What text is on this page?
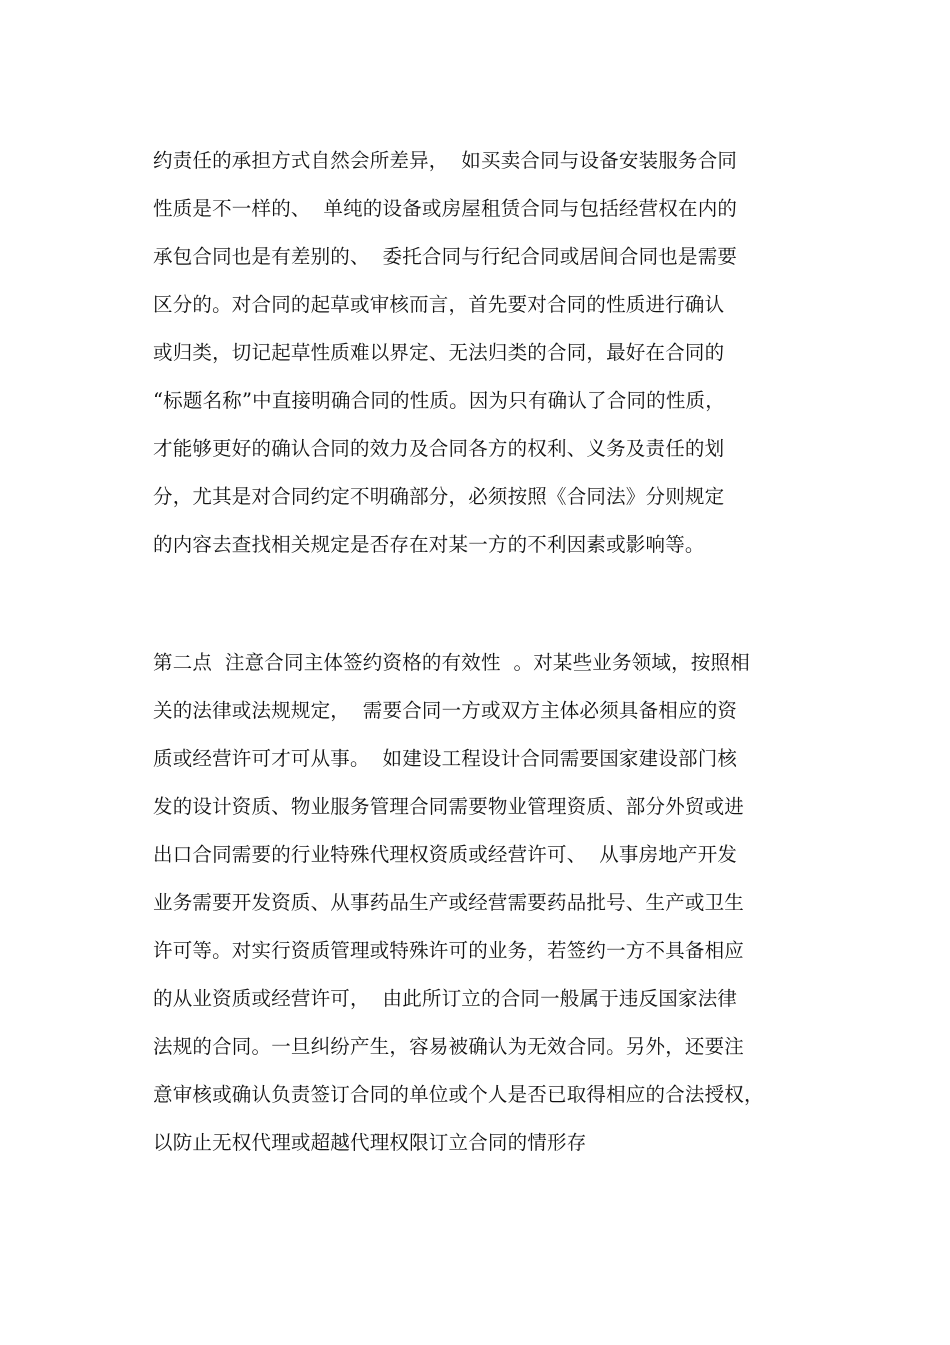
约责任的承担方式自然会所差异，  如买卖合同与设备安装服务合同
性质是不一样的、  单纯的设备或房屋租赁合同与包括经营权在内的
承包合同也是有差别的、  委托合同与行纪合同或居间合同也是需要
区分的。对合同的起草或审核而言，首先要对合同的性质进行确认
或归类，切记起草性质难以界定、无法归类的合同，最好在合同的
“标题名称”中直接明确合同的性质。因为只有确认了合同的性质，
才能够更好的确认合同的效力及合同各方的权利、义务及责任的划
分，尤其是对合同约定不明确部分，必须按照《合同法》分则规定
的内容去查找相关规定是否存在对某一方的不利因素或影响等。
第二点  注意合同主体签约资格的有效性  。对某些业务领域，按照相
关的法律或法规规定，  需要合同一方或双方主体必须具备相应的资
质或经营许可才可从事。  如建设工程设计合同需要国家建设部门核
发的设计资质、物业服务管理合同需要物业管理资质、部分外贸或进
出口合同需要的行业特殊代理权资质或经营许可、  从事房地产开发
业务需要开发资质、从事药品生产或经营需要药品批号、生产或卫生
许可等。对实行资质管理或特殊许可的业务，若签约一方不具备相应
的从业资质或经营许可，  由此所订立的合同一般属于违反国家法律
法规的合同。一旦纠纷产生，容易被确认为无效合同。另外，还要注
意审核或确认负责签订合同的单位或个人是否已取得相应的合法授权，
以防止无权代理或超越代理权限订立合同的情形存
